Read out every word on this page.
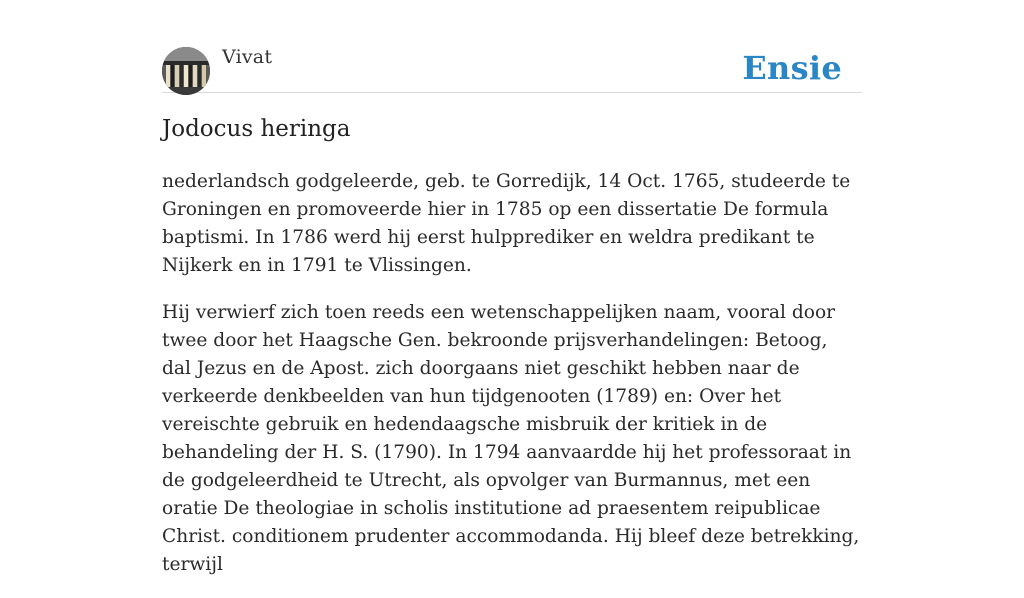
Vivat	Ensie
Jodocus heringa

nederlandsch godgeleerde, geb. te Gorredijk, 14 Oct. 1765, studeerde te Groningen en promoveerde hier in 1785 op een dissertatie De formula baptismi. In 1786 werd hij eerst hulpprediker en weldra predikant te Nijkerk en in 1791 te Vlissingen.

Hij verwierf zich toen reeds een wetenschappelijken naam, vooral door twee door het Haagsche Gen. bekroonde prijsverhandelingen: Betoog, dal Jezus en de Apost. zich doorgaans niet geschikt hebben naar de verkeerde denkbeelden van hun tijdgenooten (1789) en: Over het vereischte gebruik en hedendaagsche misbruik der kritiek in de behandeling der H. S. (1790). In 1794 aanvaardde hij het professoraat in de godgeleerdheid te Utrecht, als opvolger van Burmannus, met een oratie De theologiae in scholis institutione ad praesentem reipublicae Christ. conditionem prudenter accommodanda. Hij bleef deze betrekking, terwijl
